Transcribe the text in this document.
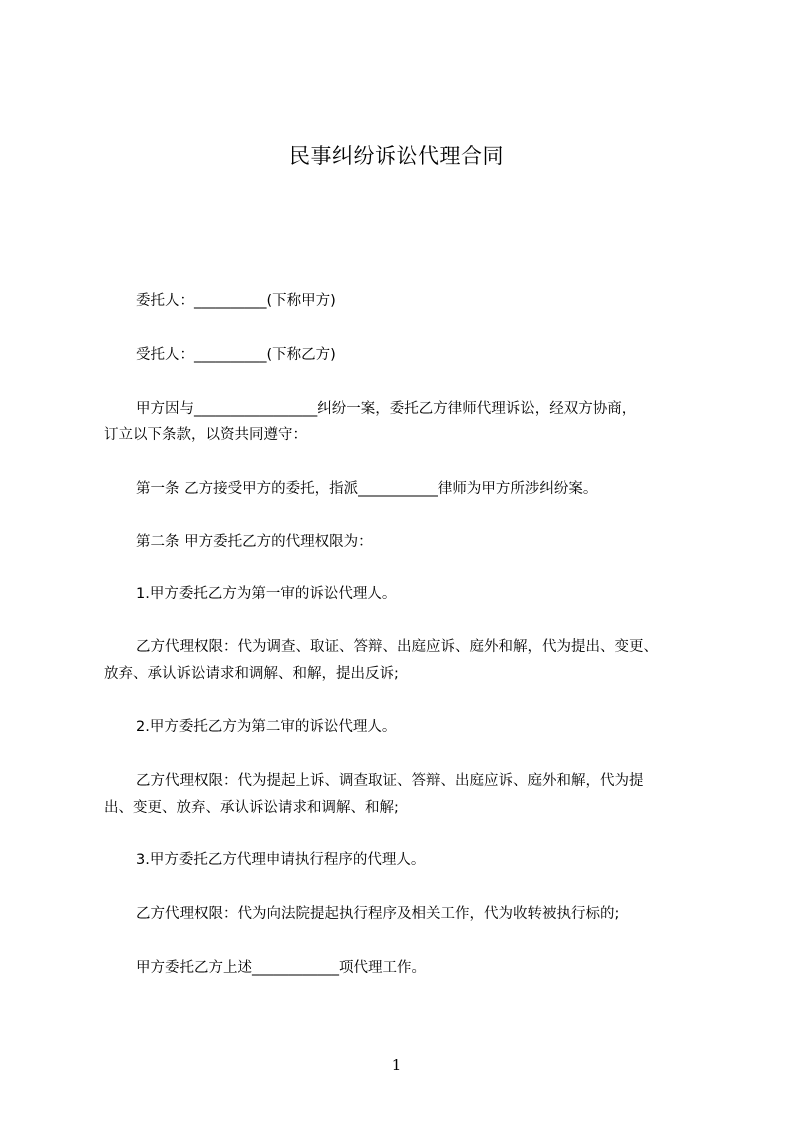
民事纠纷诉讼代理合同
委托人：__________(下称甲方)
受托人：__________(下称乙方)
甲方因与_________________纠纷一案，委托乙方律师代理诉讼，经双方协商，
订立以下条款，以资共同遵守：
第一条 乙方接受甲方的委托，指派___________律师为甲方所涉纠纷案。
第二条 甲方委托乙方的代理权限为：
1.甲方委托乙方为第一审的诉讼代理人。
乙方代理权限：代为调查、取证、答辩、出庭应诉、庭外和解，代为提出、变更、
放弃、承认诉讼请求和调解、和解，提出反诉;
2.甲方委托乙方为第二审的诉讼代理人。
乙方代理权限：代为提起上诉、调查取证、答辩、出庭应诉、庭外和解，代为提
出、变更、放弃、承认诉讼请求和调解、和解;
3.甲方委托乙方代理申请执行程序的代理人。
乙方代理权限：代为向法院提起执行程序及相关工作，代为收转被执行标的;
甲方委托乙方上述____________项代理工作。
1
